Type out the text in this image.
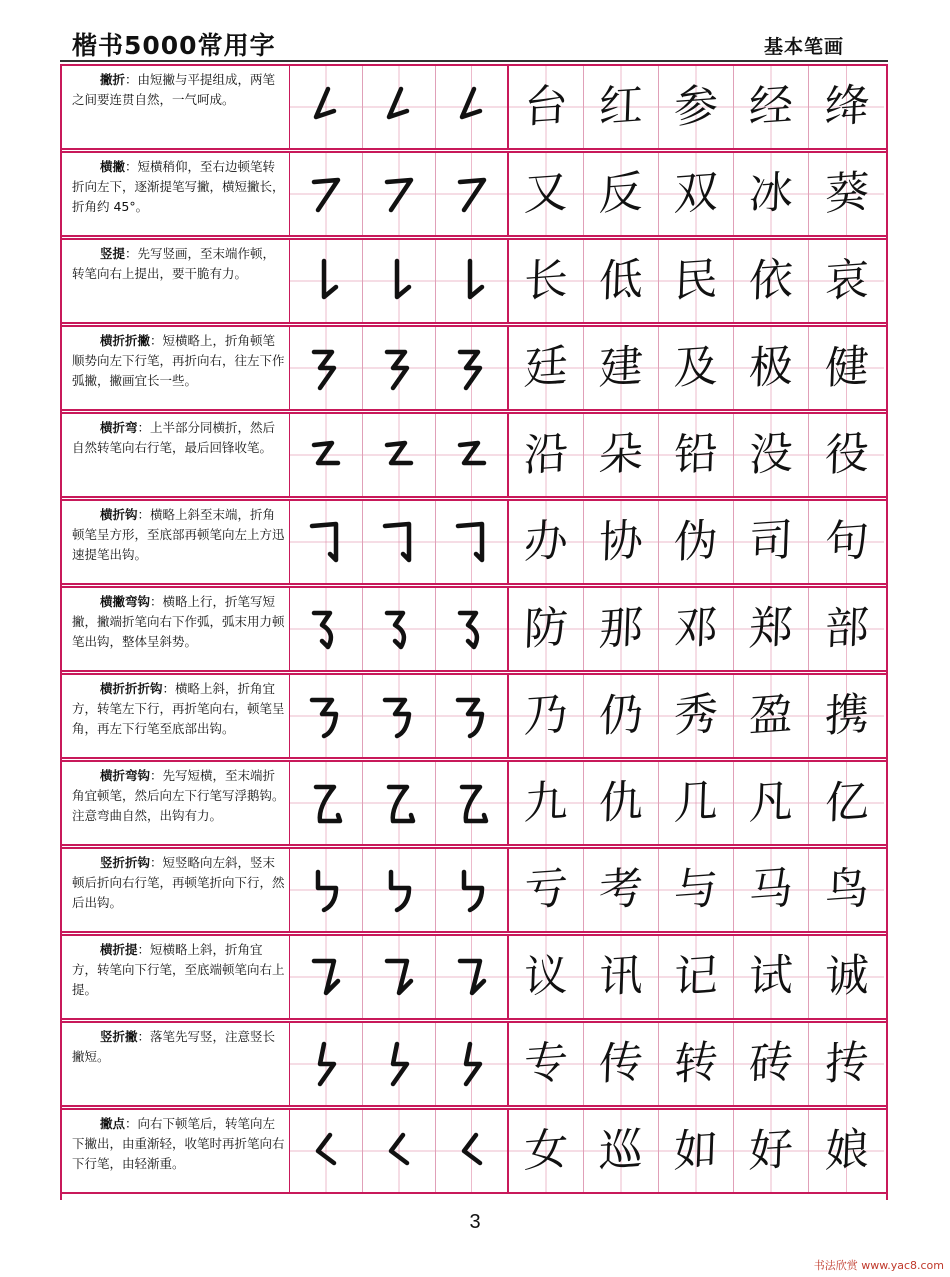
楷书5000常用字	基本笔画
撇折：由短撇与平提组成，两笔之间要连贯自然，一气呵成。	台 红 参 经 绛
横撇：短横稍仰，至右边顿笔转折向左下，逐渐提笔写撇，横短撇长，折角约 45°。	又 反 双 冰 葵
竖提：先写竖画，至末端作顿，转笔向右上提出，要干脆有力。	长 低 民 依 哀
横折折撇：短横略上，折角顿笔顺势向左下行笔，再折向右，往左下作弧撇，撇画宜长一些。	廷 建 及 极 健
横折弯：上半部分同横折，然后自然转笔向右行笔，最后回锋收笔。	沿 朵 铅 没 役
横折钩：横略上斜至末端，折角顿笔呈方形，至底部再顿笔向左上方迅速提笔出钩。	办 协 伪 司 句
横撇弯钩：横略上行，折笔写短撇，撇端折笔向右下作弧，弧末用力顿笔出钩，整体呈斜势。	防 那 邓 郑 部
横折折折钩：横略上斜，折角宜方，转笔左下行，再折笔向右，顿笔呈角，再左下行笔至底部出钩。	乃 仍 秀 盈 携
横折弯钩：先写短横，至末端折角宜顿笔，然后向左下行笔写浮鹅钩。注意弯曲自然，出钩有力。	九 仇 几 凡 亿
竖折折钩：短竖略向左斜，竖末顿后折向右行笔，再顿笔折向下行，然后出钩。	亏 考 与 马 鸟
横折提：短横略上斜，折角宜方，转笔向下行笔，至底端顿笔向右上提。	议 讯 记 试 诚
竖折撇：落笔先写竖，注意竖长撇短。	专 传 转 砖 抟
撇点：向右下顿笔后，转笔向左下撇出，由重渐轻，收笔时再折笔向右下行笔，由轻渐重。	女 巡 如 好 娘
3
书法欣赏 www.yac8.com
